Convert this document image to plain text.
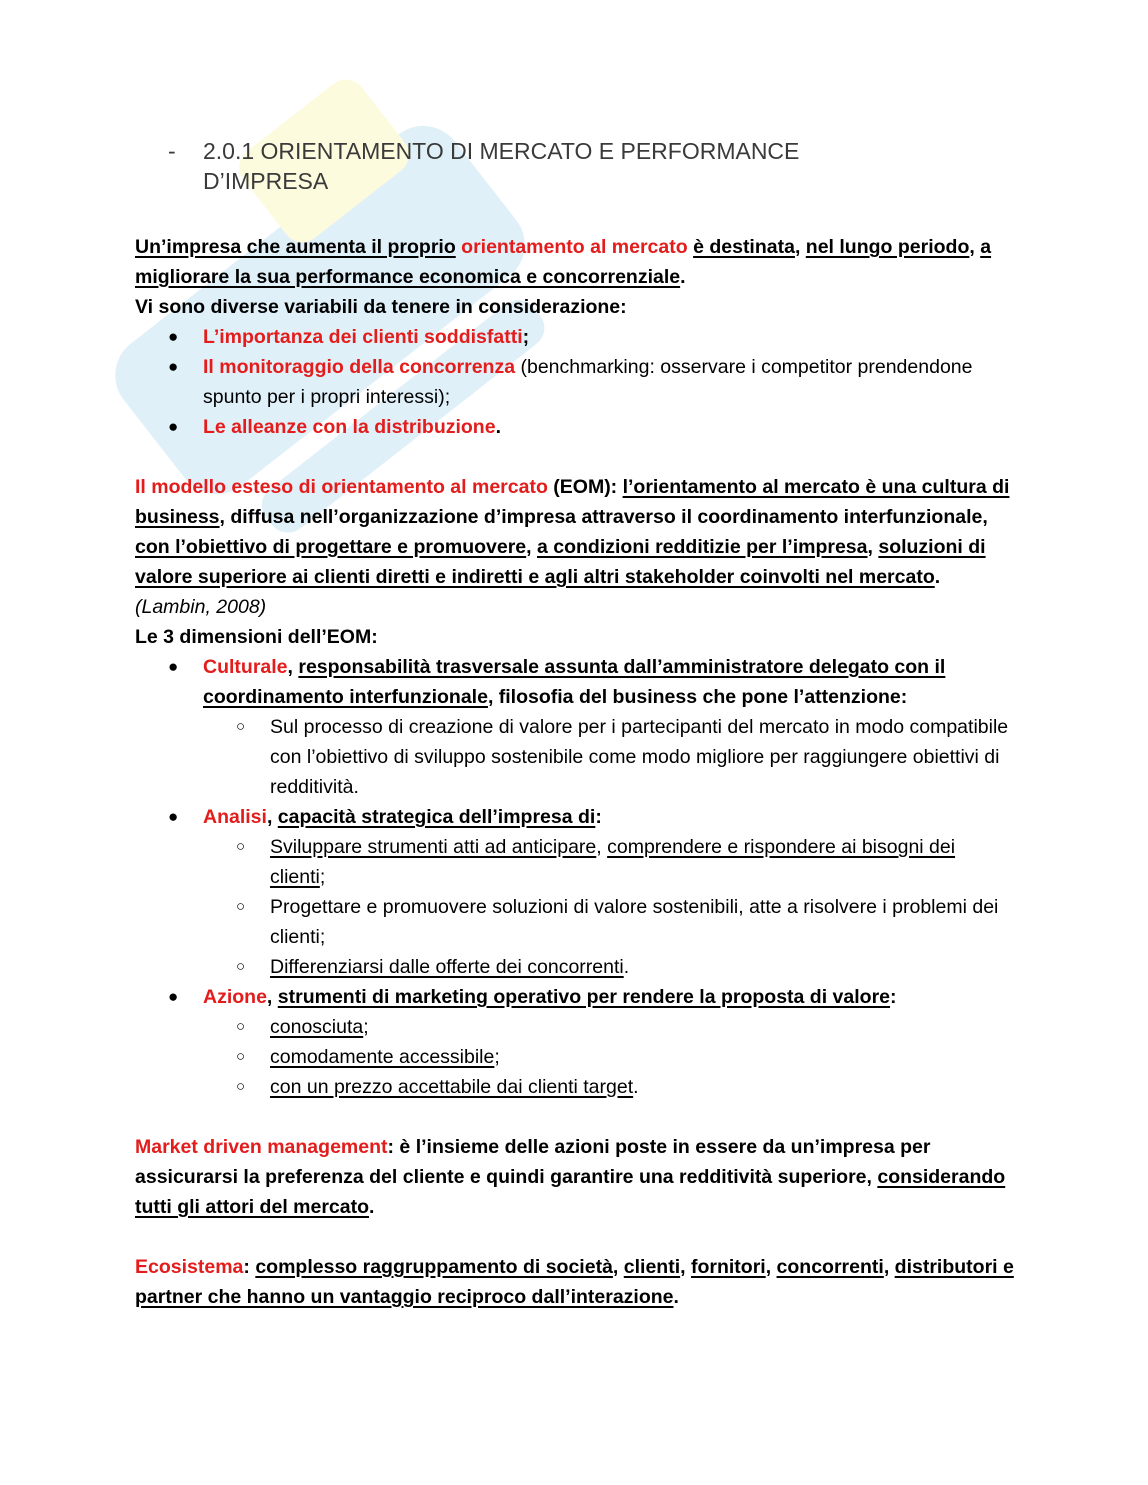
-	2.0.1 ORIENTAMENTO DI MERCATO E PERFORMANCE D’IMPRESA

Un’impresa che aumenta il proprio orientamento al mercato è destinata, nel lungo periodo, a migliorare la sua performance economica e concorrenziale.

Vi sono diverse variabili da tenere in considerazione:

● L’importanza dei clienti soddisfatti;
● Il monitoraggio della concorrenza (benchmarking: osservare i competitor prendendone spunto per i propri interessi);
● Le alleanze con la distribuzione.

Il modello esteso di orientamento al mercato (EOM): l’orientamento al mercato è una cultura di business, diffusa nell’organizzazione d’impresa attraverso il coordinamento interfunzionale, con l’obiettivo di progettare e promuovere, a condizioni redditizie per l’impresa, soluzioni di valore superiore ai clienti diretti e indiretti e agli altri stakeholder coinvolti nel mercato. (Lambin, 2008)

Le 3 dimensioni dell’EOM:

● Culturale, responsabilità trasversale assunta dall’amministratore delegato con il coordinamento interfunzionale, filosofia del business che pone l’attenzione:
○ Sul processo di creazione di valore per i partecipanti del mercato in modo compatibile con l’obiettivo di sviluppo sostenibile come modo migliore per raggiungere obiettivi di redditività.
● Analisi, capacità strategica dell’impresa di:
○ Sviluppare strumenti atti ad anticipare, comprendere e rispondere ai bisogni dei clienti;
○ Progettare e promuovere soluzioni di valore sostenibili, atte a risolvere i problemi dei clienti;
○ Differenziarsi dalle offerte dei concorrenti.
● Azione, strumenti di marketing operativo per rendere la proposta di valore:
○ conosciuta;
○ comodamente accessibile;
○ con un prezzo accettabile dai clienti target.

Market driven management: è l’insieme delle azioni poste in essere da un’impresa per assicurarsi la preferenza del cliente e quindi garantire una redditività superiore, considerando tutti gli attori del mercato.

Ecosistema: complesso raggruppamento di società, clienti, fornitori, concorrenti, distributori e partner che hanno un vantaggio reciproco dall’interazione.
